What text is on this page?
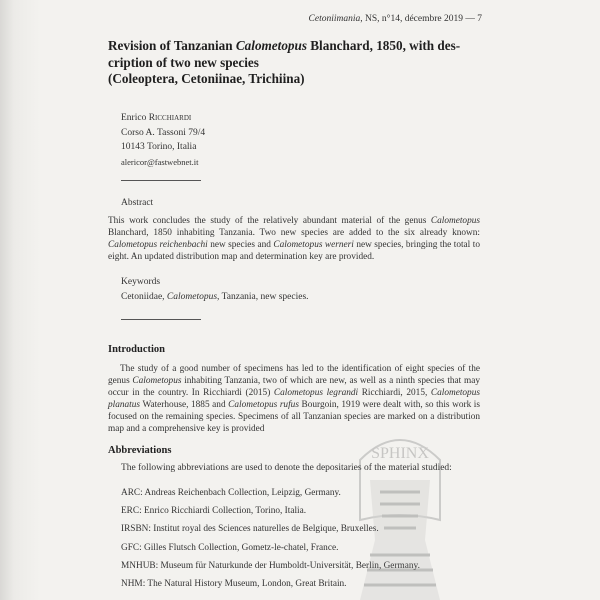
Cetoniimania, NS, n°14, décembre 2019 — 7
Revision of Tanzanian Calometopus Blanchard, 1850, with des-
cription of two new species
(Coleoptera, Cetoniinae, Trichiina)
Enrico Ricchiardi
Corso A. Tassoni 79/4
10143 Torino, Italia
alericor@fastwebnet.it
Abstract
This work concludes the study of the relatively abundant material of the genus Calometopus Blanchard, 1850 inhabiting Tanzania. Two new species are added to the six already known: Calometopus reichenbachi new species and Calometopus werneri new species, bringing the total to eight. An updated distribution map and determination key are provided.
Keywords
Cetoniidae, Calometopus, Tanzania, new species.
Introduction
The study of a good number of specimens has led to the identification of eight species of the genus Calometopus inhabiting Tanzania, two of which are new, as well as a ninth species that may occur in the country. In Ricchiardi (2015) Calometopus legrandi Ricchiardi, 2015, Calometopus planatus Waterhouse, 1885 and Calometopus rufus Bourgoin, 1919 were dealt with, so this work is focused on the remaining species. Specimens of all Tanzanian species are marked on a distribution map and a comprehensive key is provided
Abbreviations
The following abbreviations are used to denote the depositaries of the material studied:
ARC: Andreas Reichenbach Collection, Leipzig, Germany.
ERC: Enrico Ricchiardi Collection, Torino, Italia.
IRSBN: Institut royal des Sciences naturelles de Belgique, Bruxelles.
GFC: Gilles Flutsch Collection, Gometz-le-chatel, France.
MNHUB: Museum für Naturkunde der Humboldt-Universität, Berlin, Germany.
NHM: The Natural History Museum, London, Great Britain.
SPHINX
